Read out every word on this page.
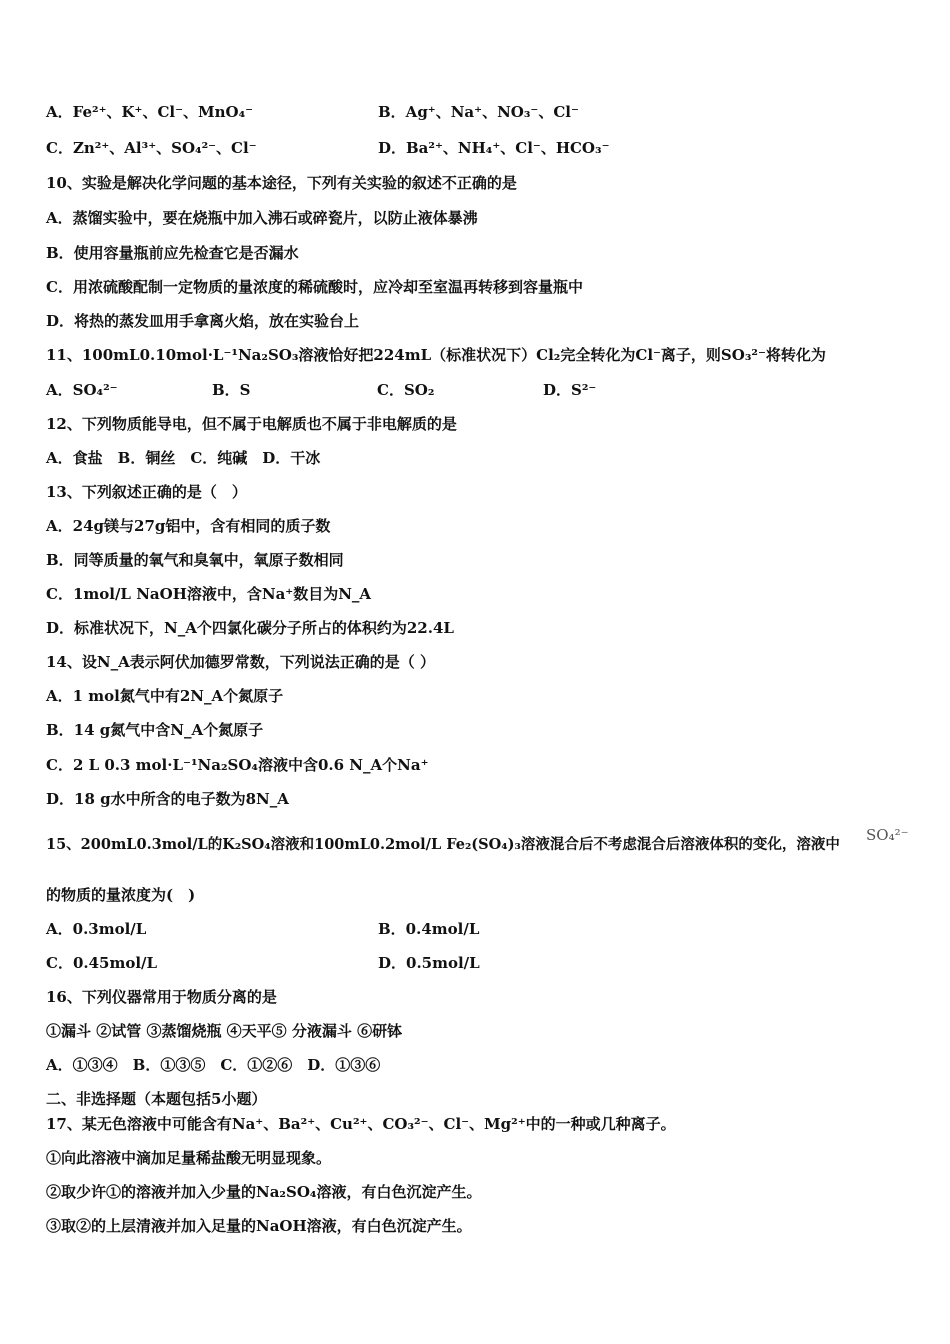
A．Fe²⁺、K⁺、Cl⁻、MnO₄⁻	B．Ag⁺、Na⁺、NO₃⁻、Cl⁻
C．Zn²⁺、Al³⁺、SO₄²⁻、Cl⁻	D．Ba²⁺、NH₄⁺、Cl⁻、HCO₃⁻
10、实验是解决化学问题的基本途径，下列有关实验的叙述不正确的是
A．蒸馏实验中，要在烧瓶中加入沸石或碎瓷片，以防止液体暴沸
B．使用容量瓶前应先检查它是否漏水
C．用浓硫酸配制一定物质的量浓度的稀硫酸时，应冷却至室温再转移到容量瓶中
D．将热的蒸发皿用手拿离火焰，放在实验台上
11、100mL0.10mol·L⁻¹Na₂SO₃溶液恰好把224mL（标准状况下）Cl₂完全转化为Cl⁻离子，则SO₃²⁻将转化为
A．SO₄²⁻	B．S	C．SO₂	D．S²⁻
12、下列物质能导电，但不属于电解质也不属于非电解质的是
A．食盐　B．铜丝　C．纯碱　D．干冰
13、下列叙述正确的是（　）
A．24g镁与27g铝中，含有相同的质子数
B．同等质量的氧气和臭氧中，氧原子数相同
C．1mol/L NaOH溶液中，含Na⁺数目为N_A
D．标准状况下，N_A个四氯化碳分子所占的体积约为22.4L
14、设N_A表示阿伏加德罗常数，下列说法正确的是（ ）
A．1 mol氮气中有2N_A个氮原子
B．14 g氮气中含N_A个氮原子
C．2 L 0.3 mol·L⁻¹Na₂SO₄溶液中含0.6 N_A个Na⁺
D．18 g水中所含的电子数为8N_A
15、200mL0.3mol/L的K₂SO₄溶液和100mL0.2mol/L Fe₂(SO₄)₃溶液混合后不考虑混合后溶液体积的变化，溶液中
SO₄²⁻
的物质的量浓度为(　)
A．0.3mol/L	B．0.4mol/L
C．0.45mol/L	D．0.5mol/L
16、下列仪器常用于物质分离的是
①漏斗 ②试管 ③蒸馏烧瓶 ④天平⑤ 分液漏斗 ⑥研钵
A．①③④　B．①③⑤　C．①②⑥　D．①③⑥
二、非选择题（本题包括5小题）
17、某无色溶液中可能含有Na⁺、Ba²⁺、Cu²⁺、CO₃²⁻、Cl⁻、Mg²⁺中的一种或几种离子。
①向此溶液中滴加足量稀盐酸无明显现象。
②取少许①的溶液并加入少量的Na₂SO₄溶液，有白色沉淀产生。
③取②的上层清液并加入足量的NaOH溶液，有白色沉淀产生。
